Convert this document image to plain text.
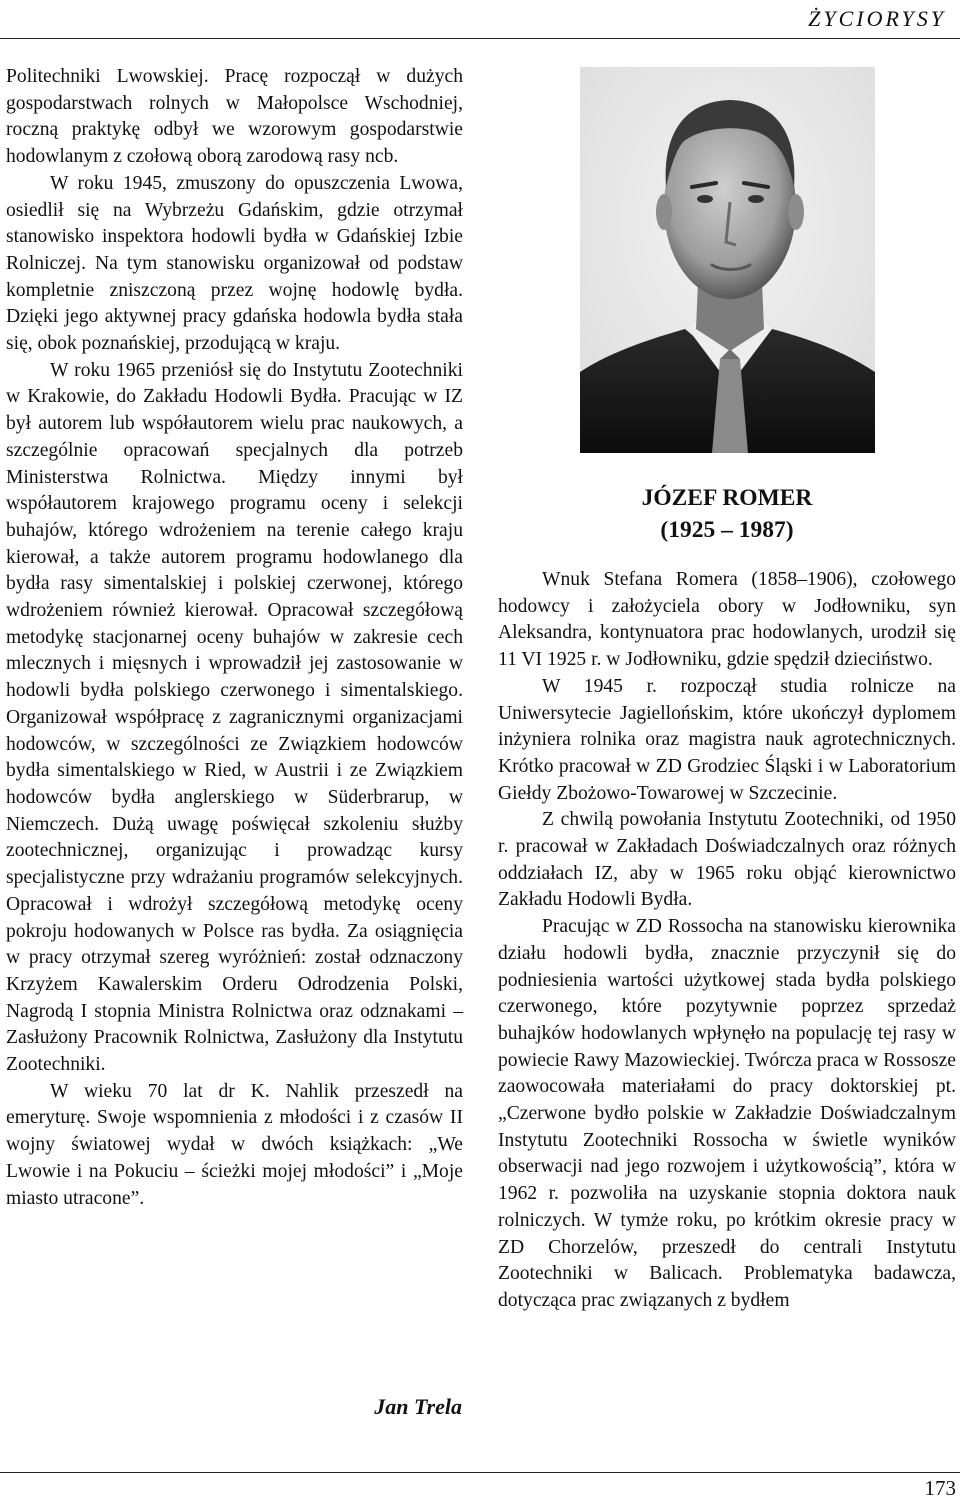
ŻYCIORYSY

Politechniki Lwowskiej. Pracę rozpoczął w dużych gospodarstwach rolnych w Małopolsce Wschodniej, roczną praktykę odbył we wzorowym gospodarstwie hodowlanym z czołową oborą zarodową rasy ncb.

W roku 1945, zmuszony do opuszczenia Lwowa, osiedlił się na Wybrzeżu Gdańskim, gdzie otrzymał stanowisko inspektora hodowli bydła w Gdańskiej Izbie Rolniczej. Na tym stanowisku organizował od podstaw kompletnie zniszczoną przez wojnę hodowlę bydła. Dzięki jego aktywnej pracy gdańska hodowla bydła stała się, obok poznańskiej, przodującą w kraju.

W roku 1965 przeniósł się do Instytutu Zootechniki w Krakowie, do Zakładu Hodowli Bydła. Pracując w IZ był autorem lub współautorem wielu prac naukowych, a szczególnie opracowań specjalnych dla potrzeb Ministerstwa Rolnictwa. Między innymi był współautorem krajowego programu oceny i selekcji buhajów, którego wdrożeniem na terenie całego kraju kierował, a także autorem programu hodowlanego dla bydła rasy simentalskiej i polskiej czerwonej, którego wdrożeniem również kierował. Opracował szczegółową metodykę stacjonarnej oceny buhajów w zakresie cech mlecznych i mięsnych i wprowadził jej zastosowanie w hodowli bydła polskiego czerwonego i simentalskiego. Organizował współpracę z zagranicznymi organizacjami hodowców, w szczególności ze Związkiem hodowców bydła simentalskiego w Ried, w Austrii i ze Związkiem hodowców bydła anglerskiego w Süderbrarup, w Niemczech. Dużą uwagę poświęcał szkoleniu służby zootechnicznej, organizując i prowadząc kursy specjalistyczne przy wdrażaniu programów selekcyjnych. Opracował i wdrożył szczegółową metodykę oceny pokroju hodowanych w Polsce ras bydła. Za osiągnięcia w pracy otrzymał szereg wyróżnień: został odznaczony Krzyżem Kawalerskim Orderu Odrodzenia Polski, Nagrodą I stopnia Ministra Rolnictwa oraz odznakami – Zasłużony Pracownik Rolnictwa, Zasłużony dla Instytutu Zootechniki.

W wieku 70 lat dr K. Nahlik przeszedł na emeryturę. Swoje wspomnienia z młodości i z czasów II wojny światowej wydał w dwóch książkach: „We Lwowie i na Pokuciu – ścieżki mojej młodości” i „Moje miasto utracone”.

Jan Trela
JÓZEF ROMER
(1925 – 1987)

Wnuk Stefana Romera (1858–1906), czołowego hodowcy i założyciela obory w Jodłowniku, syn Aleksandra, kontynuatora prac hodowlanych, urodził się 11 VI 1925 r. w Jodłowniku, gdzie spędził dzieciństwo.

W 1945 r. rozpoczął studia rolnicze na Uniwersytecie Jagiellońskim, które ukończył dyplomem inżyniera rolnika oraz magistra nauk agrotechnicznych. Krótko pracował w ZD Grodziec Śląski i w Laboratorium Giełdy Zbożowo-Towarowej w Szczecinie.

Z chwilą powołania Instytutu Zootechniki, od 1950 r. pracował w Zakładach Doświadczalnych oraz różnych oddziałach IZ, aby w 1965 roku objąć kierownictwo Zakładu Hodowli Bydła.

Pracując w ZD Rossocha na stanowisku kierownika działu hodowli bydła, znacznie przyczynił się do podniesienia wartości użytkowej stada bydła polskiego czerwonego, które pozytywnie poprzez sprzedaż buhajków hodowlanych wpłynęło na populację tej rasy w powiecie Rawy Mazowieckiej. Twórcza praca w Rossosze zaowocowała materiałami do pracy doktorskiej pt. „Czerwone bydło polskie w Zakładzie Doświadczalnym Instytutu Zootechniki Rossocha w świetle wyników obserwacji nad jego rozwojem i użytkowością”, która w 1962 r. pozwoliła na uzyskanie stopnia doktora nauk rolniczych. W tymże roku, po krótkim okresie pracy w ZD Chorzelów, przeszedł do centrali Instytutu Zootechniki w Balicach. Problematyka badawcza, dotycząca prac związanych z bydłem

173
